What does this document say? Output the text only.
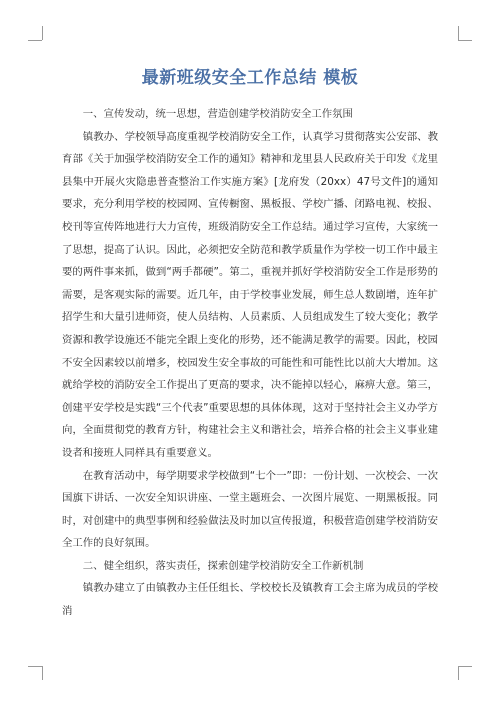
最新班级安全工作总结 模板

一、宣传发动，统一思想，营造创建学校消防安全工作氛围

镇教办、学校领导高度重视学校消防安全工作，认真学习贯彻落实公安部、教育部《关于加强学校消防安全工作的通知》精神和龙里县人民政府关于印发《龙里县集中开展火灾隐患普查整治工作实施方案》[龙府发（20xx）47号文件]的通知要求，充分利用学校的校园网、宣传橱窗、黑板报、学校广播、闭路电视、校报、校刊等宣传阵地进行大力宣传，班级消防安全工作总结。通过学习宣传，大家统一了思想，提高了认识。因此，必须把安全防范和教学质量作为学校一切工作中最主要的两件事来抓，做到“两手都硬”。第二，重视并抓好学校消防安全工作是形势的需要，是客观实际的需要。近几年，由于学校事业发展，师生总人数剧增，连年扩招学生和大量引进师资，使人员结构、人员素质、人员组成发生了较大变化；教学资源和教学设施还不能完全跟上变化的形势，还不能满足教学的需要。因此，校园不安全因素较以前增多，校园发生安全事故的可能性和可能性比以前大大增加。这就给学校的消防安全工作提出了更高的要求，决不能掉以轻心，麻痹大意。第三，创建平安学校是实践“三个代表”重要思想的具体体现，这对于坚持社会主义办学方向，全面贯彻党的教育方针，构建社会主义和谐社会，培养合格的社会主义事业建设者和接班人同样具有重要意义。

在教育活动中，每学期要求学校做到“七个一”即：一份计划、一次校会、一次国旗下讲话、一次安全知识讲座、一堂主题班会、一次图片展览、一期黑板报。同时，对创建中的典型事例和经验做法及时加以宣传报道，积极营造创建学校消防安全工作的良好氛围。

二、健全组织，落实责任，探索创建学校消防安全工作新机制

镇教办建立了由镇教办主任任组长、学校校长及镇教育工会主席为成员的学校消
